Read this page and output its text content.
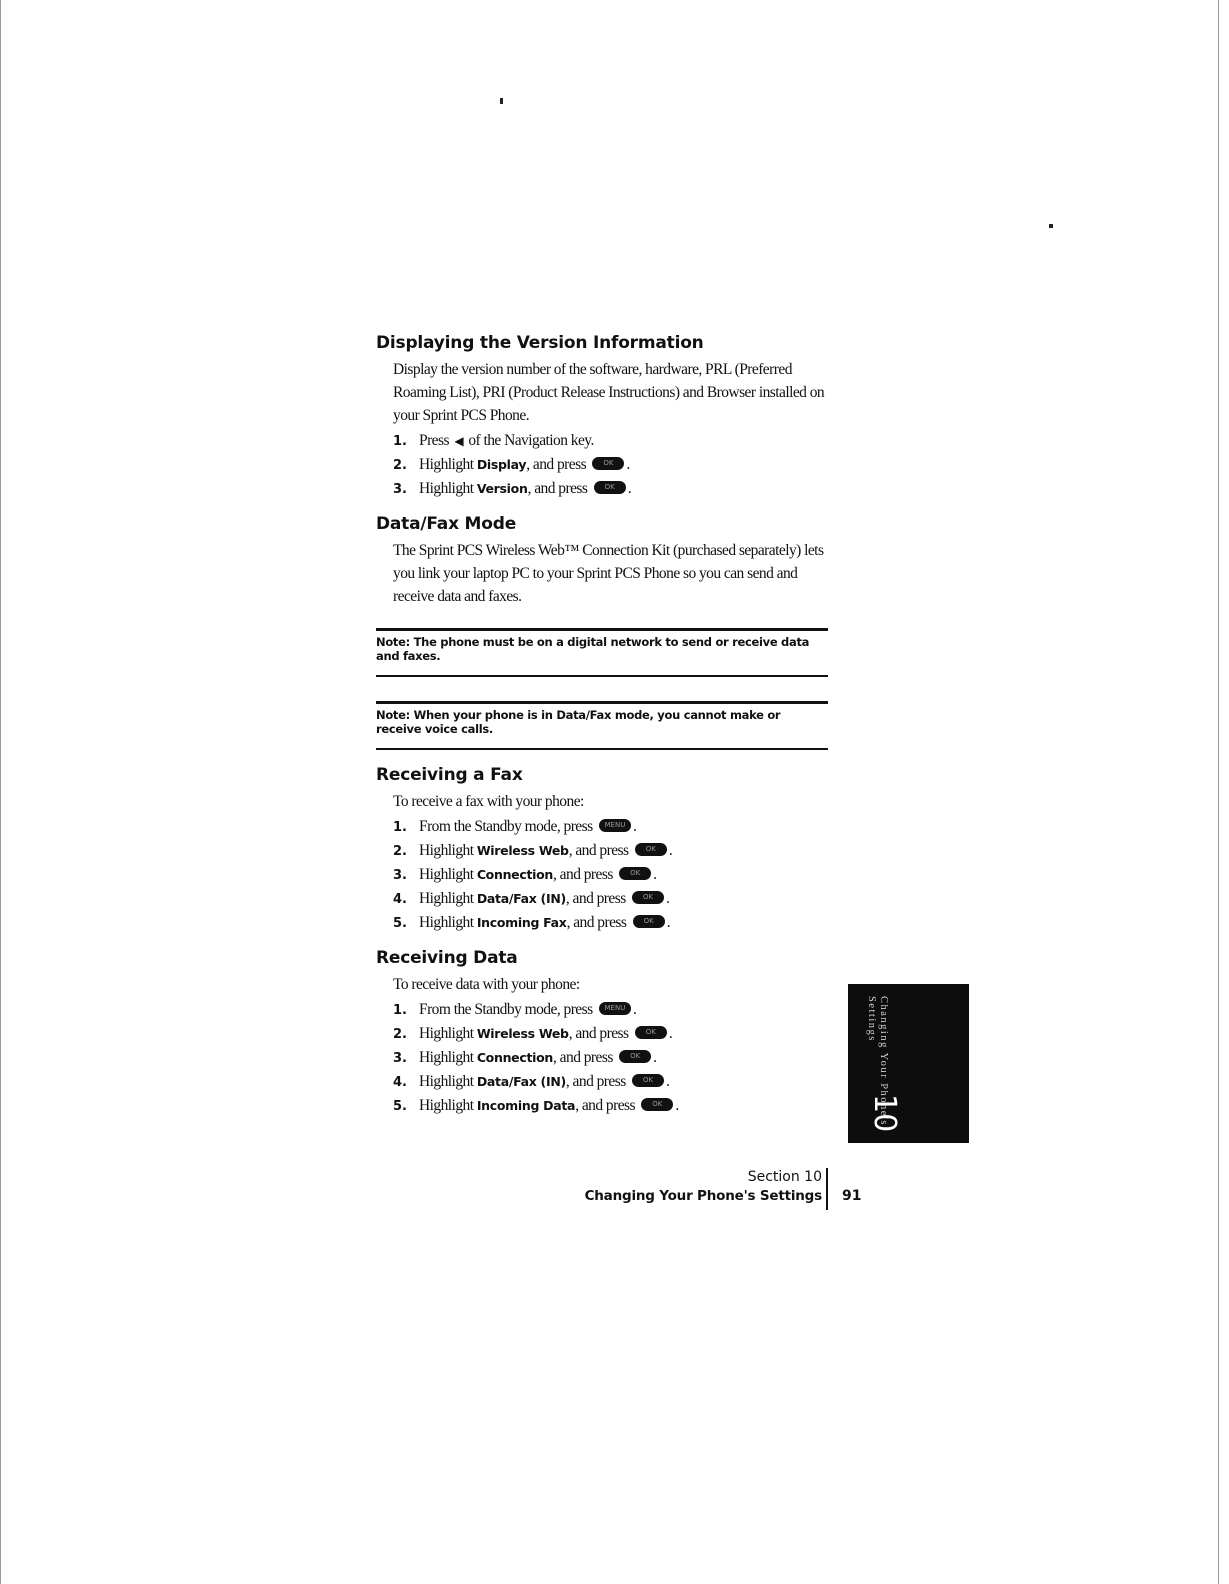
Displaying the Version Information

Display the version number of the software, hardware, PRL (Preferred Roaming List), PRI (Product Release Instructions) and Browser installed on your Sprint PCS Phone.

1. Press ◀ of the Navigation key.
2. Highlight Display, and press	OK .
3. Highlight Version, and press	OK .
Data/Fax Mode

The Sprint PCS Wireless Web™ Connection Kit (purchased separately) lets you link your laptop PC to your Sprint PCS Phone so you can send and receive data and faxes.

Note: The phone must be on a digital network to send or receive data and faxes.
Note: When your phone is in Data/Fax mode, you cannot make or receive voice calls.
Receiving a Fax

To receive a fax with your phone:

1. From the Standby mode, press	MENU .
2. Highlight Wireless Web, and press	OK .
3. Highlight Connection, and press	OK .
4. Highlight Data/Fax (IN), and press	OK .
5. Highlight Incoming Fax, and press	OK .
Receiving Data

To receive data with your phone:

1. From the Standby mode, press	MENU .
2. Highlight Wireless Web, and press	OK .
3. Highlight Connection, and press	OK .
4. Highlight Data/Fax (IN), and press	OK .
5. Highlight Incoming Data, and press	OK .	Changing Your Phone's Settings
10
Section 10
Changing Your Phone's Settings 91
